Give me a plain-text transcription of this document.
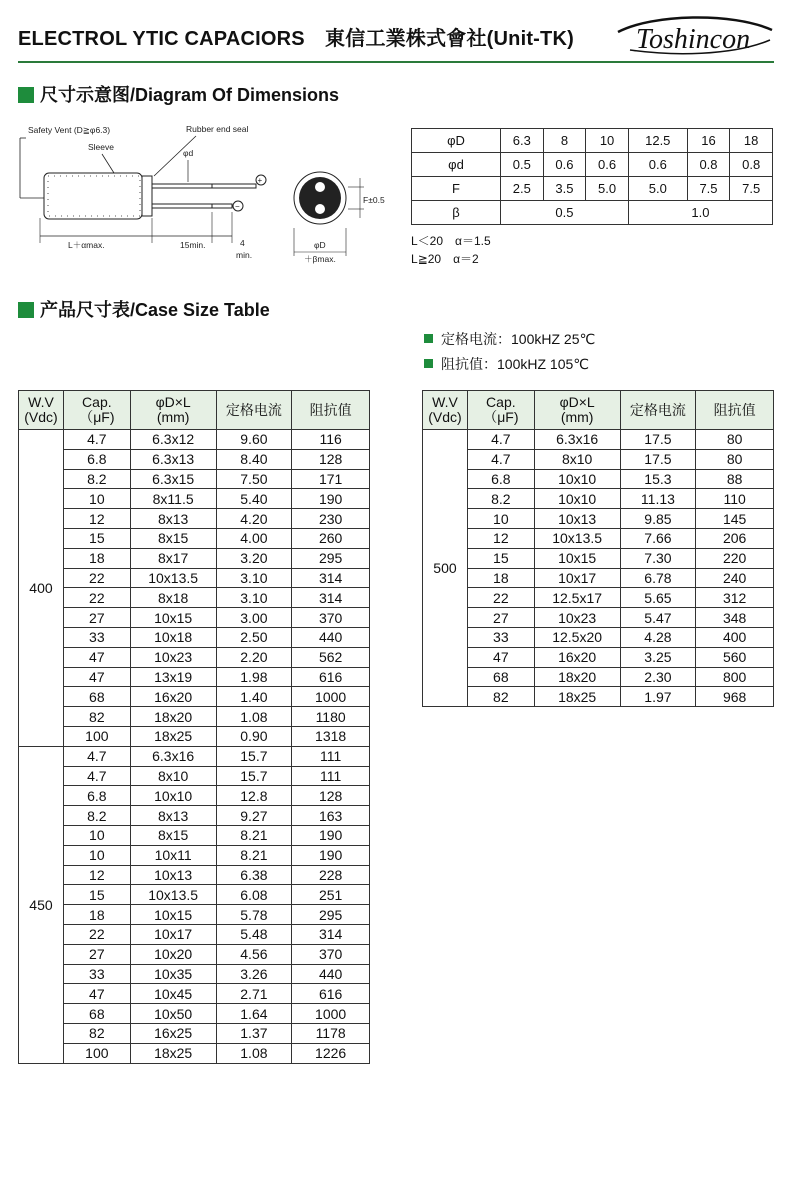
ELECTROL YTIC CAPACIORS　東信工業株式會社(Unit-TK) Toshincon
尺寸示意图/Diagram Of Dimensions
Safety Vent (D≧φ6.3)	Rubber end seal
Sleeve
+
−
φd
L＋αmax.	15min.	4
min.
F±0.5
φD
＋βmax.
φD	6.3	8	10	12.5	16	18
φd	0.5	0.6	0.6	0.6	0.8	0.8
F	2.5	3.5	5.0	5.0	7.5	7.5
β	0.5			1.0		
L＜20　α＝1.5
L≧20　α＝2
产品尺寸表/Case Size Table
定格电流：100kHZ 25℃
阻抗值：100kHZ 105℃
W.V
(Vdc)	Cap.
（μF)	φD×L
(mm)	定格电流	阻抗值
400	4.7	6.3x12	9.60	116
	6.8	6.3x13	8.40	128
	8.2	6.3x15	7.50	171
	10	8x11.5	5.40	190
	12	8x13	4.20	230
	15	8x15	4.00	260
	18	8x17	3.20	295
	22	10x13.5	3.10	314
	22	8x18	3.10	314
	27	10x15	3.00	370
	33	10x18	2.50	440
	47	10x23	2.20	562
	47	13x19	1.98	616
	68	16x20	1.40	1000
	82	18x20	1.08	1180
	100	18x25	0.90	1318
450	4.7	6.3x16	15.7	111
	4.7	8x10	15.7	111
	6.8	10x10	12.8	128
	8.2	8x13	9.27	163
	10	8x15	8.21	190
	10	10x11	8.21	190
	12	10x13	6.38	228
	15	10x13.5	6.08	251
	18	10x15	5.78	295
	22	10x17	5.48	314
	27	10x20	4.56	370
	33	10x35	3.26	440
	47	10x45	2.71	616
	68	10x50	1.64	1000
	82	16x25	1.37	1178
	100	18x25	1.08	1226
W.V
(Vdc)	Cap.
（μF)	φD×L
(mm)	定格电流	阻抗值
500	4.7	6.3x16	17.5	80
	4.7	8x10	17.5	80
	6.8	10x10	15.3	88
	8.2	10x10	11.13	110
	10	10x13	9.85	145
	12	10x13.5	7.66	206
	15	10x15	7.30	220
	18	10x17	6.78	240
	22	12.5x17	5.65	312
	27	10x23	5.47	348
	33	12.5x20	4.28	400
	47	16x20	3.25	560
	68	18x20	2.30	800
	82	18x25	1.97	968
